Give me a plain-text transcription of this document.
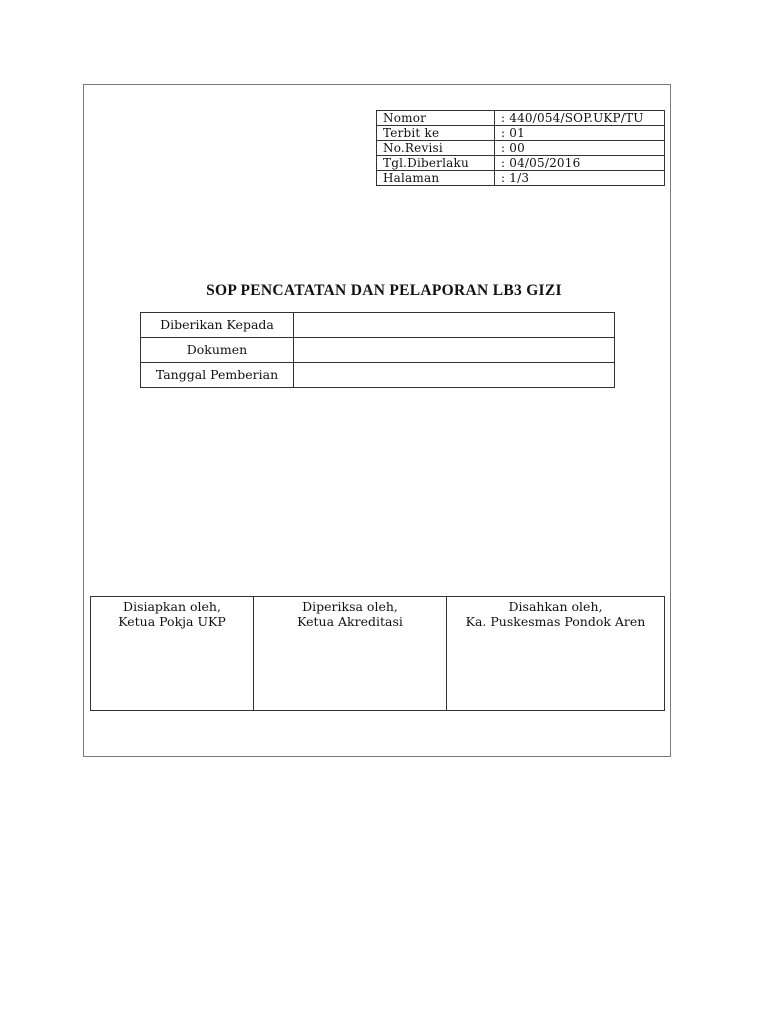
Nomor	: 440/054/SOP.UKP/TU
Terbit ke	: 01
No.Revisi	: 00
Tgl.Diberlaku	: 04/05/2016
Halaman	: 1/3
SOP PENCATATAN DAN PELAPORAN LB3 GIZI
Diberikan Kepada	
Dokumen	
Tanggal Pemberian	
Disiapkan oleh,
Ketua Pokja UKP

Diperiksa oleh,
Ketua Akreditasi

Disahkan oleh,
Ka. Puskesmas Pondok Aren
